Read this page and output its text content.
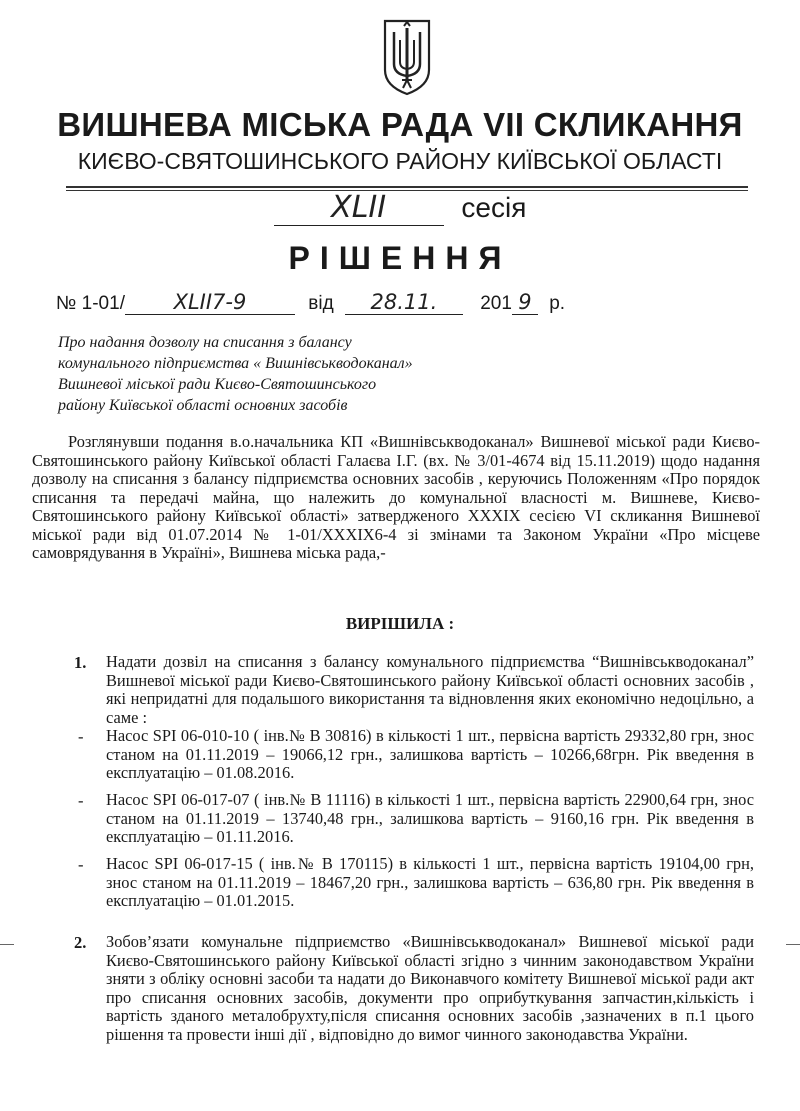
ВИШНЕВА МІСЬКА РАДА VII СКЛИКАННЯ
КИЄВО-СВЯТОШИНСЬКОГО РАЙОНУ КИЇВСЬКОЇ ОБЛАСТІ
XLII	сесія
РІШЕННЯ
№ 1-01/ XLII7-9	від 28.11. 201 9 р.
Про надання дозволу на списання з балансу
комунального підприємства « Вишнівськводоканал»
Вишневої міської ради Києво-Святошинського
району Київської області основних засобів
Розглянувши подання в.о.начальника КП «Вишнівськводоканал» Вишневої міської ради Києво-Святошинського району Київської області Галаєва І.Г. (вх. № 3/01-4674 від 15.11.2019) щодо надання дозволу на списання з балансу підприємства основних засобів , керуючись Положенням «Про порядок списання та передачі майна, що належить до комунальної власності м. Вишневе, Києво-Святошинського району Київської області» затвердженого XXXIX сесією VI скликання Вишневої міської ради від 01.07.2014 № 1-01/XXXIX6-4 зі змінами та Законом України «Про місцеве самоврядування в Україні», Вишнева міська рада,-
ВИРІШИЛА :
1. Надати дозвіл на списання з балансу комунального підприємства “Вишнівськводоканал” Вишневої міської ради Києво-Святошинського району Київської області основних засобів , які непридатні для подальшого використання та відновлення яких економічно недоцільно, а саме :
- Насос SPI 06-010-10 ( інв.№ В 30816) в кількості 1 шт., первісна вартість 29332,80 грн, знос станом на 01.11.2019 – 19066,12 грн., залишкова вартість – 10266,68грн. Рік введення в експлуатацію – 01.08.2016.
- Насос SPI 06-017-07 ( інв.№ В 11116) в кількості 1 шт., первісна вартість 22900,64 грн, знос станом на 01.11.2019 – 13740,48 грн., залишкова вартість – 9160,16 грн. Рік введення в експлуатацію – 01.11.2016.
- Насос SPI 06-017-15 ( інв.№ В 170115) в кількості 1 шт., первісна вартість 19104,00 грн, знос станом на 01.11.2019 – 18467,20 грн., залишкова вартість – 636,80 грн. Рік введення в експлуатацію – 01.01.2015.
2. Зобов’язати комунальне підприємство «Вишнівськводоканал» Вишневої міської ради Києво-Святошинського району Київської області згідно з чинним законодавством України зняти з обліку основні засоби та надати до Виконавчого комітету Вишневої міської ради акт про списання основних засобів, документи про оприбуткування запчастин,кількість і вартість зданого металобрухту,після списання основних засобів ,зазначених в п.1 цього рішення та провести інші дії , відповідно до вимог чинного законодавства України.
